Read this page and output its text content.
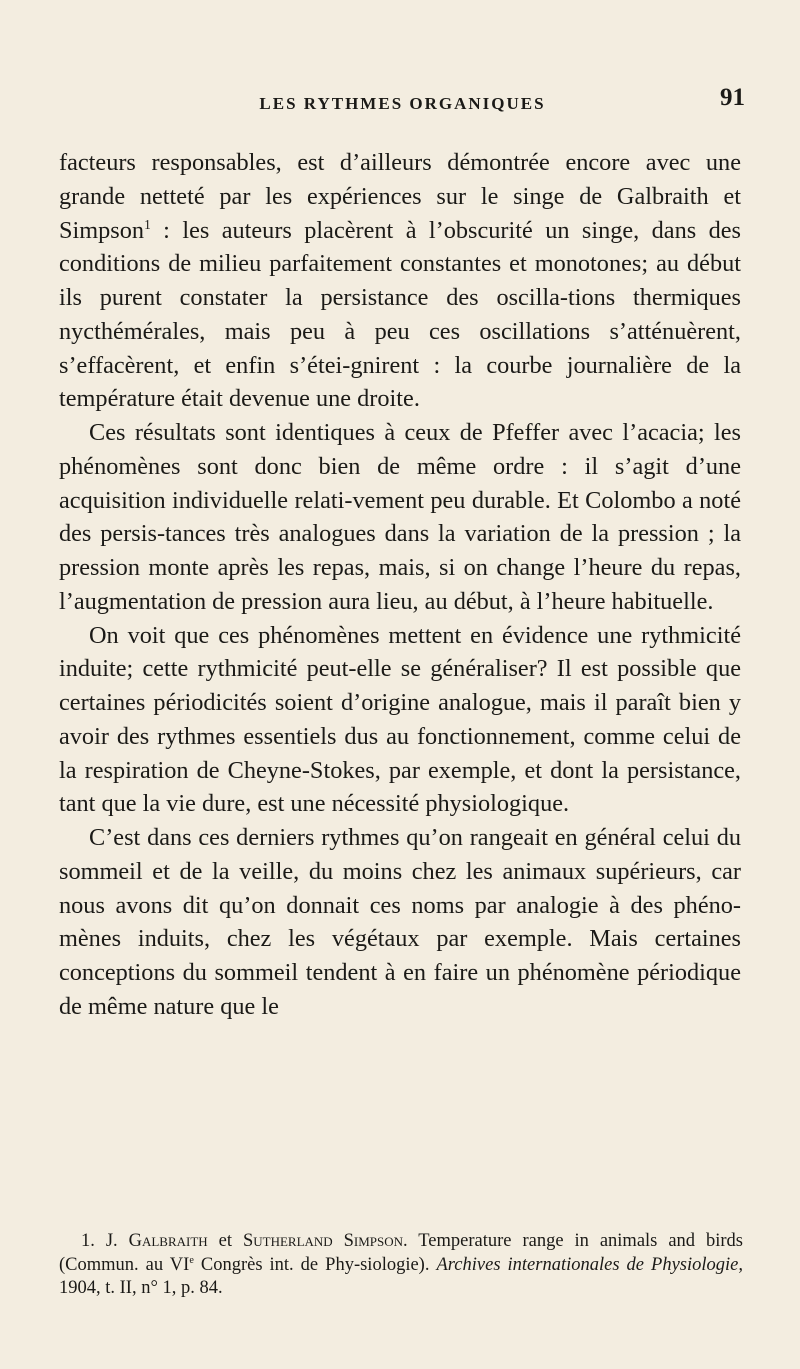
LES RYTHMES ORGANIQUES	91

facteurs responsables, est d’ailleurs démontrée encore avec une grande netteté par les expériences sur le singe de Galbraith et Simpson$^1$ : les auteurs placèrent à l’obscurité un singe, dans des conditions de milieu parfaitement constantes et monotones; au début ils purent constater la persistance des oscilla-tions thermiques nycthémérales, mais peu à peu ces oscillations s’atténuèrent, s’effacèrent, et enfin s’étei-gnirent : la courbe journalière de la température était devenue une droite.

Ces résultats sont identiques à ceux de Pfeffer avec l’acacia; les phénomènes sont donc bien de même ordre : il s’agit d’une acquisition individuelle relati-vement peu durable. Et Colombo a noté des persis-tances très analogues dans la variation de la pression ; la pression monte après les repas, mais, si on change l’heure du repas, l’augmentation de pression aura lieu, au début, à l’heure habituelle.

On voit que ces phénomènes mettent en évidence une rythmicité induite; cette rythmicité peut-elle se généraliser? Il est possible que certaines périodicités soient d’origine analogue, mais il paraît bien y avoir des rythmes essentiels dus au fonctionnement, comme celui de la respiration de Cheyne-Stokes, par exemple, et dont la persistance, tant que la vie dure, est une nécessité physiologique.

C’est dans ces derniers rythmes qu’on rangeait en général celui du sommeil et de la veille, du moins chez les animaux supérieurs, car nous avons dit qu’on donnait ces noms par analogie à des phéno-mènes induits, chez les végétaux par exemple. Mais certaines conceptions du sommeil tendent à en faire un phénomène périodique de même nature que le

1. J. Galbraith et Sutherland Simpson. Temperature range in animals and birds (Commun. au VIe Congrès int. de Phy-siologie). Archives internationales de Physiologie, 1904, t. II, n° 1, p. 84.
